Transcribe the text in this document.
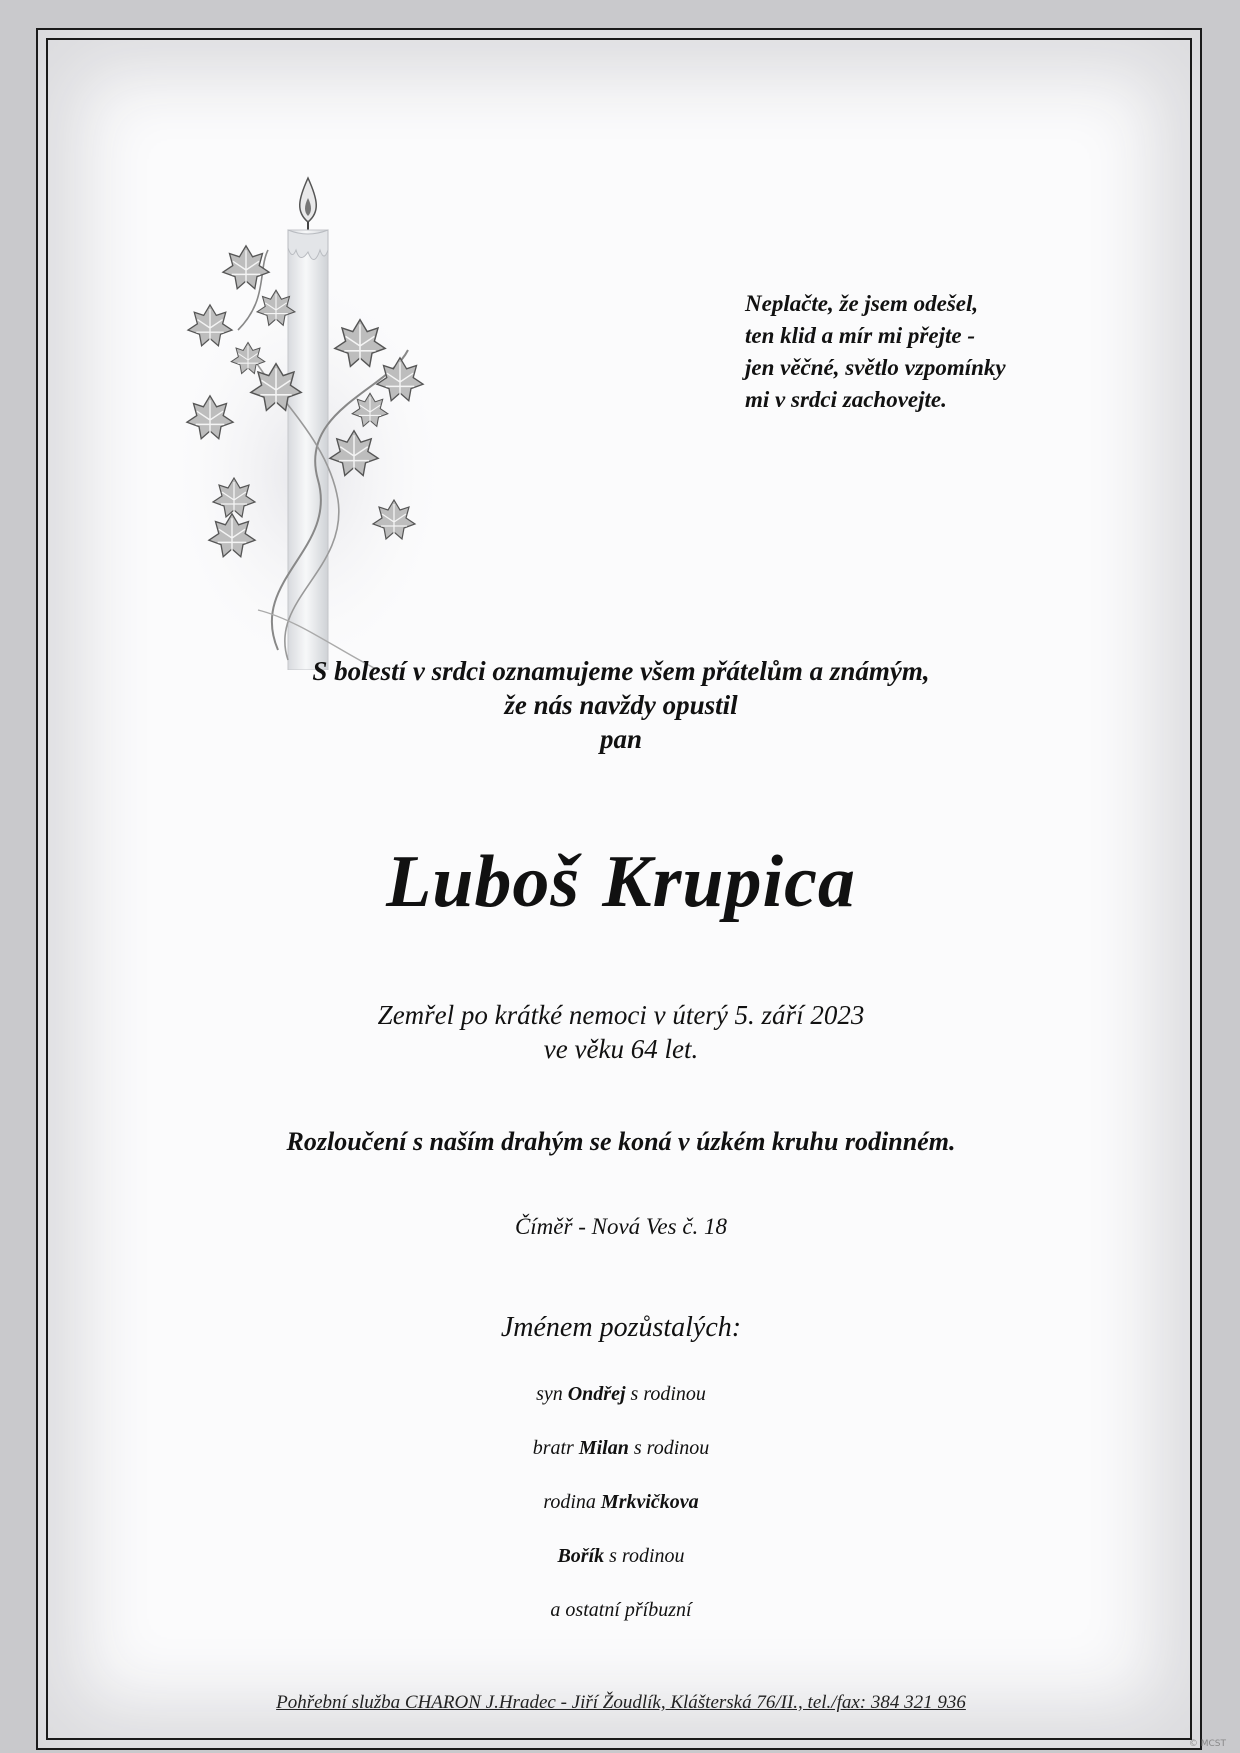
Neplačte, že jsem odešel,
ten klid a mír mi přejte -
jen věčné, světlo vzpomínky
mi v srdci zachovejte.
S bolestí v srdci oznamujeme všem přátelům a známým,
že nás navždy opustil
pan
Luboš Krupica
Zemřel po krátké nemoci v úterý 5. září 2023
ve věku 64 let.
Rozloučení s naším drahým se koná v úzkém kruhu rodinném.
Číměř - Nová Ves č. 18
Jménem pozůstalých:
syn Ondřej s rodinou
bratr Milan s rodinou
rodina Mrkvičkova
Bořík s rodinou
a ostatní příbuzní
Pohřební služba CHARON J.Hradec - Jiří Žoudlík, Klášterská 76/II., tel./fax: 384 321 936
© MCST
